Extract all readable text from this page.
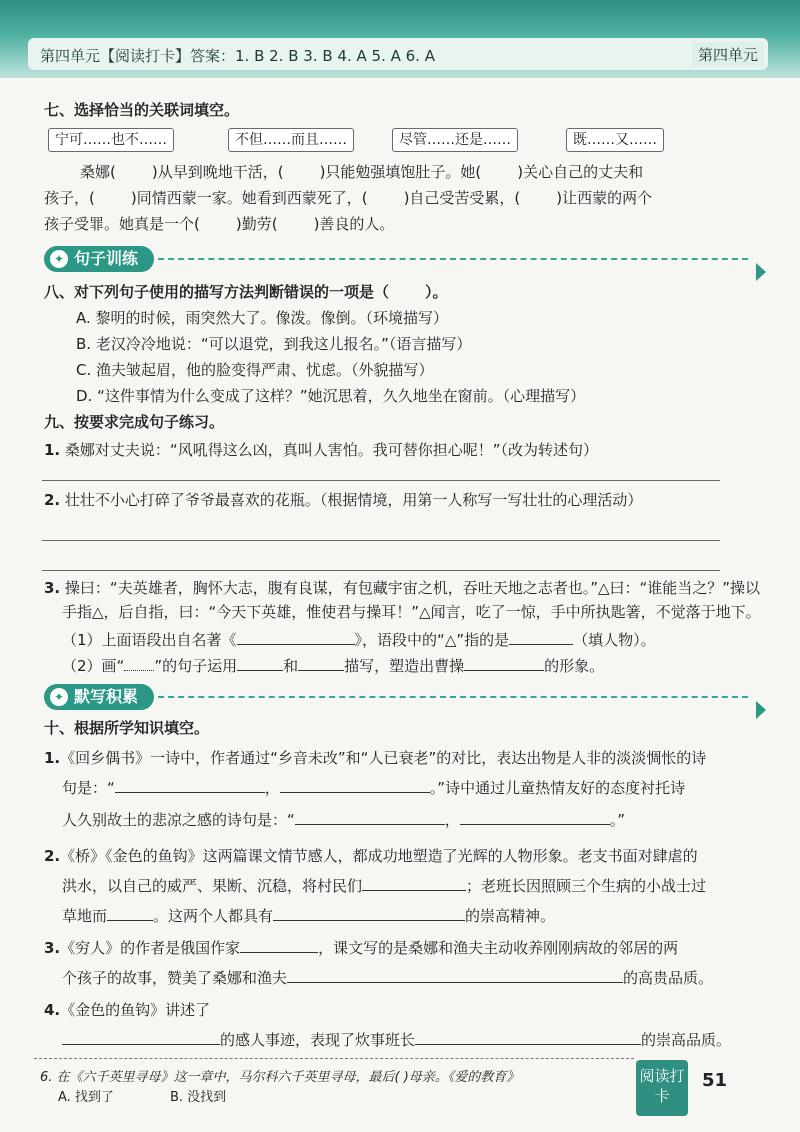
第四单元【阅读打卡】答案：1. B 2. B 3. B 4. A 5. A 6. A	第四单元
七、选择恰当的关联词填空。
宁可……也不……	不但……而且……	尽管……还是……	既……又……
桑娜( )从早到晚地干活，( )只能勉强填饱肚子。她( )关心自己的丈夫和
孩子，( )同情西蒙一家。她看到西蒙死了，( )自己受苦受累，( )让西蒙的两个
孩子受罪。她真是一个( )勤劳( )善良的人。
✦ 句子训练
八、对下列句子使用的描写方法判断错误的一项是（ ）。
A. 黎明的时候，雨突然大了。像泼。像倒。（环境描写）
B. 老汉冷冷地说：“可以退党，到我这儿报名。”（语言描写）
C. 渔夫皱起眉，他的脸变得严肃、忧虑。（外貌描写）
D. “这件事情为什么变成了这样？”她沉思着，久久地坐在窗前。（心理描写）
九、按要求完成句子练习。
1. 桑娜对丈夫说：“风吼得这么凶，真叫人害怕。我可替你担心呢！”（改为转述句）
2. 壮壮不小心打碎了爷爷最喜欢的花瓶。（根据情境，用第一人称写一写壮壮的心理活动）
3. 操曰：“夫英雄者，胸怀大志，腹有良谋，有包藏宇宙之机，吞吐天地之志者也。”△曰：“谁能当之？”操以
手指△，后自指，曰：“今天下英雄，惟使君与操耳！”△闻言，吃了一惊，手中所执匙箸，不觉落于地下。
（1）上面语段出自名著《	》，语段中的“△”指的是	（填人物）。
（2）画“ ”的句子运用	和	描写，塑造出曹操	的形象。
✦ 默写积累
十、根据所学知识填空。
1.《回乡偶书》一诗中，作者通过“乡音未改”和“人已衰老”的对比，表达出物是人非的淡淡惆怅的诗
句是：“	，	。”诗中通过儿童热情友好的态度衬托诗
人久别故土的悲凉之感的诗句是：“	，	。”
2.《桥》《金色的鱼钩》这两篇课文情节感人，都成功地塑造了光辉的人物形象。老支书面对肆虐的
洪水，以自己的威严、果断、沉稳，将村民们	；老班长因照顾三个生病的小战士过
草地而	。这两个人都具有	的崇高精神。
3.《穷人》的作者是俄国作家	，课文写的是桑娜和渔夫主动收养刚刚病故的邻居的两
个孩子的故事，赞美了桑娜和渔夫	的高贵品质。
4.《金色的鱼钩》讲述了
的感人事迹，表现了炊事班长	的崇高品质。
6. 在《六千英里寻母》这一章中，马尔科六千英里寻母，最后( )母亲。《爱的教育》
A. 找到了	B. 没找到
阅读打卡
51
